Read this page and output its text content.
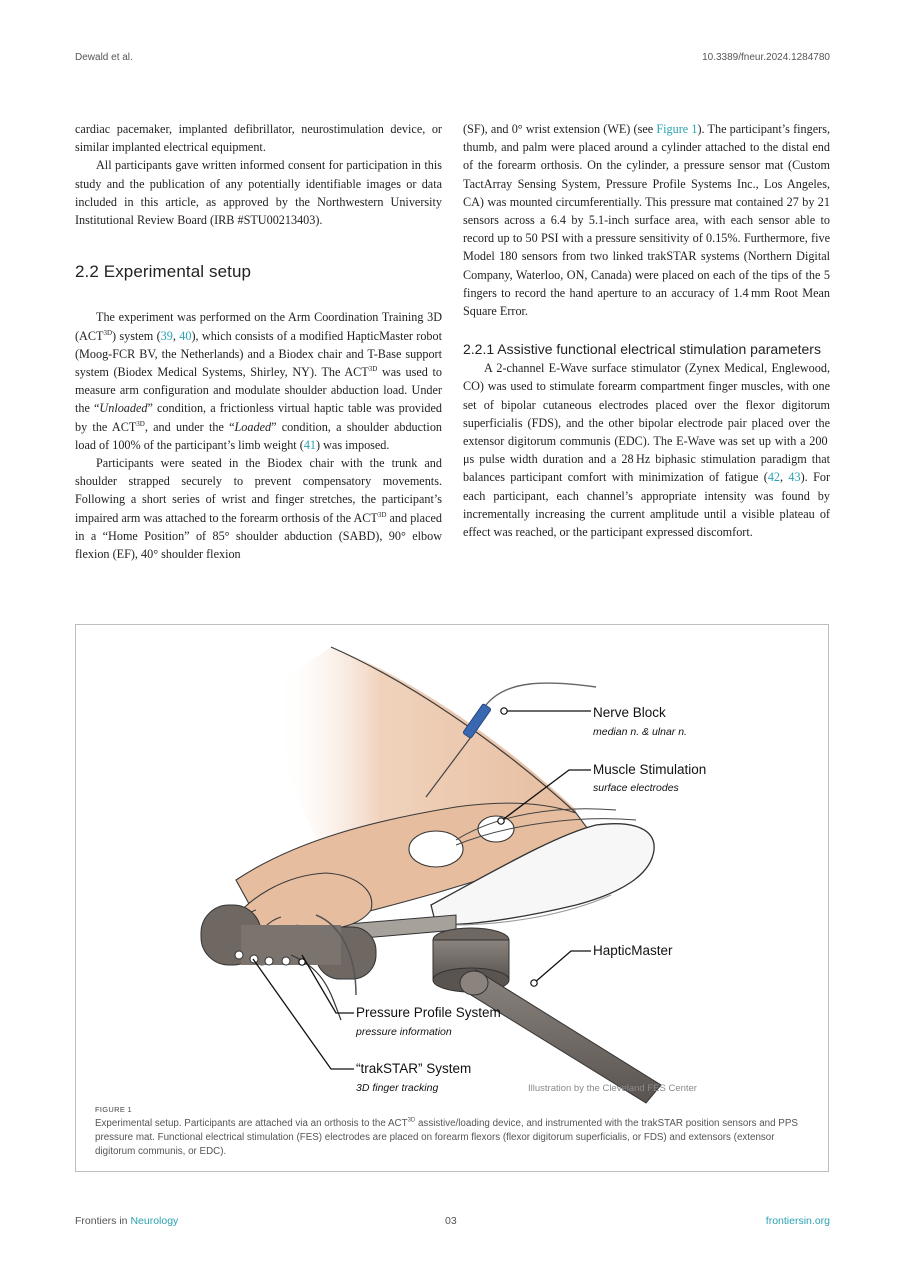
Dewald et al.	10.3389/fneur.2024.1284780

cardiac pacemaker, implanted defibrillator, neurostimulation device, or similar implanted electrical equipment.

All participants gave written informed consent for participation in this study and the publication of any potentially identifiable images or data included in this article, as approved by the Northwestern University Institutional Review Board (IRB #STU00213403).

2.2 Experimental setup

The experiment was performed on the Arm Coordination Training 3D $(ACT^{3D})$ system (39, 40), which consists of a modified HapticMaster robot (Moog-FCR BV, the Netherlands) and a Biodex chair and T-Base support system (Biodex Medical Systems, Shirley, NY). The $ACT^{3D}$ was used to measure arm configuration and modulate shoulder abduction load. Under the “Unloaded” condition, a frictionless virtual haptic table was provided by the $ACT^{3D}$, and under the “Loaded” condition, a shoulder abduction load of 100% of the participant’s limb weight (41) was imposed.

Participants were seated in the Biodex chair with the trunk and shoulder strapped securely to prevent compensatory movements. Following a short series of wrist and finger stretches, the participant’s impaired arm was attached to the forearm orthosis of the $ACT^{3D}$ and placed in a “Home Position” of 85° shoulder abduction (SABD), 90° elbow flexion (EF), 40° shoulder flexion

(SF), and 0° wrist extension (WE) (see Figure 1). The participant’s fingers, thumb, and palm were placed around a cylinder attached to the distal end of the forearm orthosis. On the cylinder, a pressure sensor mat (Custom TactArray Sensing System, Pressure Profile Systems Inc., Los Angeles, CA) was mounted circumferentially. This pressure mat contained 27 by 21 sensors across a 6.4 by 5.1-inch surface area, with each sensor able to record up to 50 PSI with a pressure sensitivity of 0.15%. Furthermore, five Model 180 sensors from two linked trakSTAR systems (Northern Digital Company, Waterloo, ON, Canada) were placed on each of the tips of the 5 fingers to record the hand aperture to an accuracy of 1.4 mm Root Mean Square Error.

2.2.1 Assistive functional electrical stimulation parameters

A 2-channel E-Wave surface stimulator (Zynex Medical, Englewood, CO) was used to stimulate forearm compartment finger muscles, with one set of bipolar cutaneous electrodes placed over the flexor digitorum superficialis (FDS), and the other bipolar electrode pair placed over the extensor digitorum communis (EDC). The E-Wave was set up with a 200 μs pulse width duration and a 28 Hz biphasic stimulation paradigm that balances participant comfort with minimization of fatigue (42, 43). For each participant, each channel’s appropriate intensity was found by incrementally increasing the current amplitude until a visible plateau of effect was reached, or the participant expressed discomfort.

Nerve Block
median n. & ulnar n.
Muscle Stimulation
surface electrodes
HapticMaster
Pressure Profile System
pressure information
“trakSTAR” System
3D finger tracking	Illustration by the Cleveland FES Center
FIGURE 1
Experimental setup. Participants are attached via an orthosis to the $ACT^{3D}$ assistive/loading device, and instrumented with the trakSTAR position sensors and PPS pressure mat. Functional electrical stimulation (FES) electrodes are placed on forearm flexors (flexor digitorum superficialis, or FDS) and extensors (extensor digitorum communis, or EDC).
Frontiers in Neurology	03	frontiersin.org
